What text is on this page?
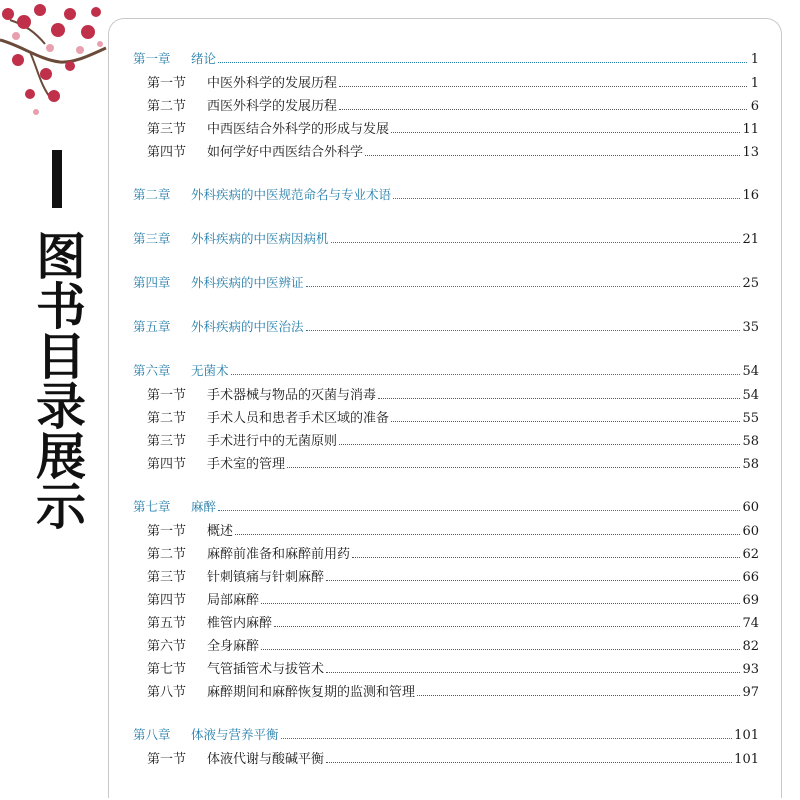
图书目录展示
第一章	绪论	1
第一节	中医外科学的发展历程	1
第二节	西医外科学的发展历程	6
第三节	中西医结合外科学的形成与发展	11
第四节	如何学好中西医结合外科学	13
第二章	外科疾病的中医规范命名与专业术语	16
第三章	外科疾病的中医病因病机	21
第四章	外科疾病的中医辨证	25
第五章	外科疾病的中医治法	35
第六章	无菌术	54
第一节	手术器械与物品的灭菌与消毒	54
第二节	手术人员和患者手术区域的准备	55
第三节	手术进行中的无菌原则	58
第四节	手术室的管理	58
第七章	麻醉	60
第一节	概述	60
第二节	麻醉前准备和麻醉前用药	62
第三节	针刺镇痛与针刺麻醉	66
第四节	局部麻醉	69
第五节	椎管内麻醉	74
第六节	全身麻醉	82
第七节	气管插管术与拔管术	93
第八节	麻醉期间和麻醉恢复期的监测和管理	97
第八章	体液与营养平衡	101
第一节	体液代谢与酸碱平衡	101
